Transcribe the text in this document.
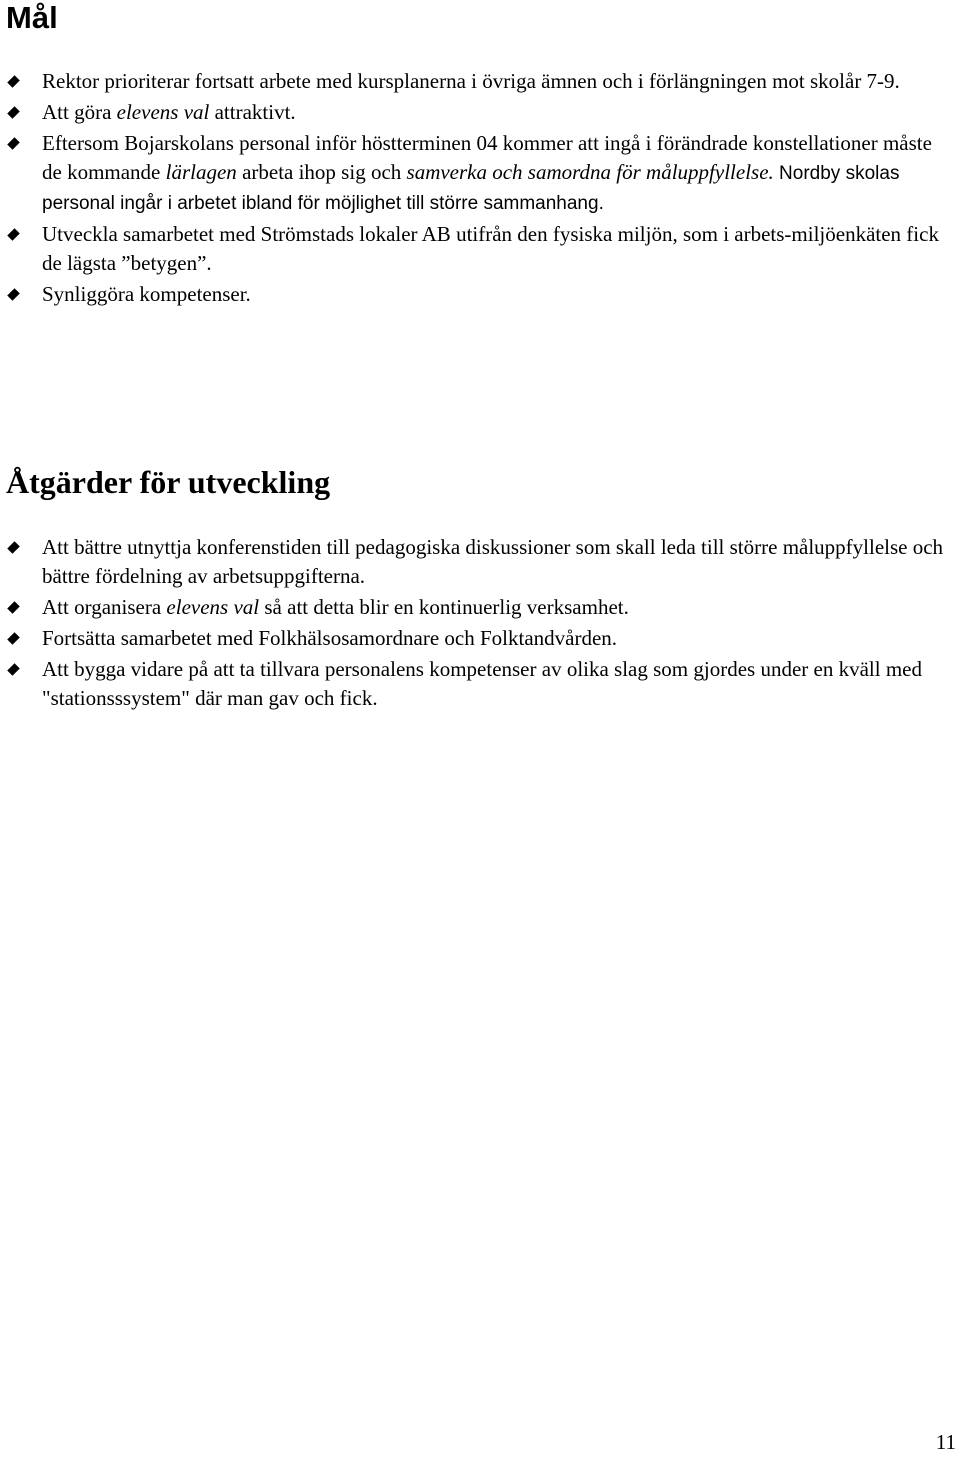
Mål
Rektor prioriterar fortsatt arbete med kursplanerna i övriga ämnen och i förlängningen mot skolår 7-9.
Att göra elevens val attraktivt.
Eftersom Bojarskolans personal inför höstterminen 04 kommer att ingå i förändrade konstellationer måste de kommande lärlagen arbeta ihop sig och samverka och samordna för måluppfyllelse. Nordby skolas personal ingår i arbetet ibland för möjlighet till större sammanhang.
Utveckla samarbetet med Strömstads lokaler AB utifrån den fysiska miljön, som i arbets-miljöenkäten fick de lägsta ”betygen”.
Synliggöra kompetenser.
Åtgärder för utveckling
Att bättre utnyttja konferenstiden till pedagogiska diskussioner som skall leda till större måluppfyllelse och bättre fördelning av arbetsuppgifterna.
Att organisera elevens val så att detta blir en kontinuerlig verksamhet.
Fortsätta samarbetet med Folkhälsosamordnare och Folktandvården.
Att bygga vidare på att ta tillvara personalens kompetenser av olika slag som gjordes under en kväll med "stationsssystem" där man gav och fick.
11
